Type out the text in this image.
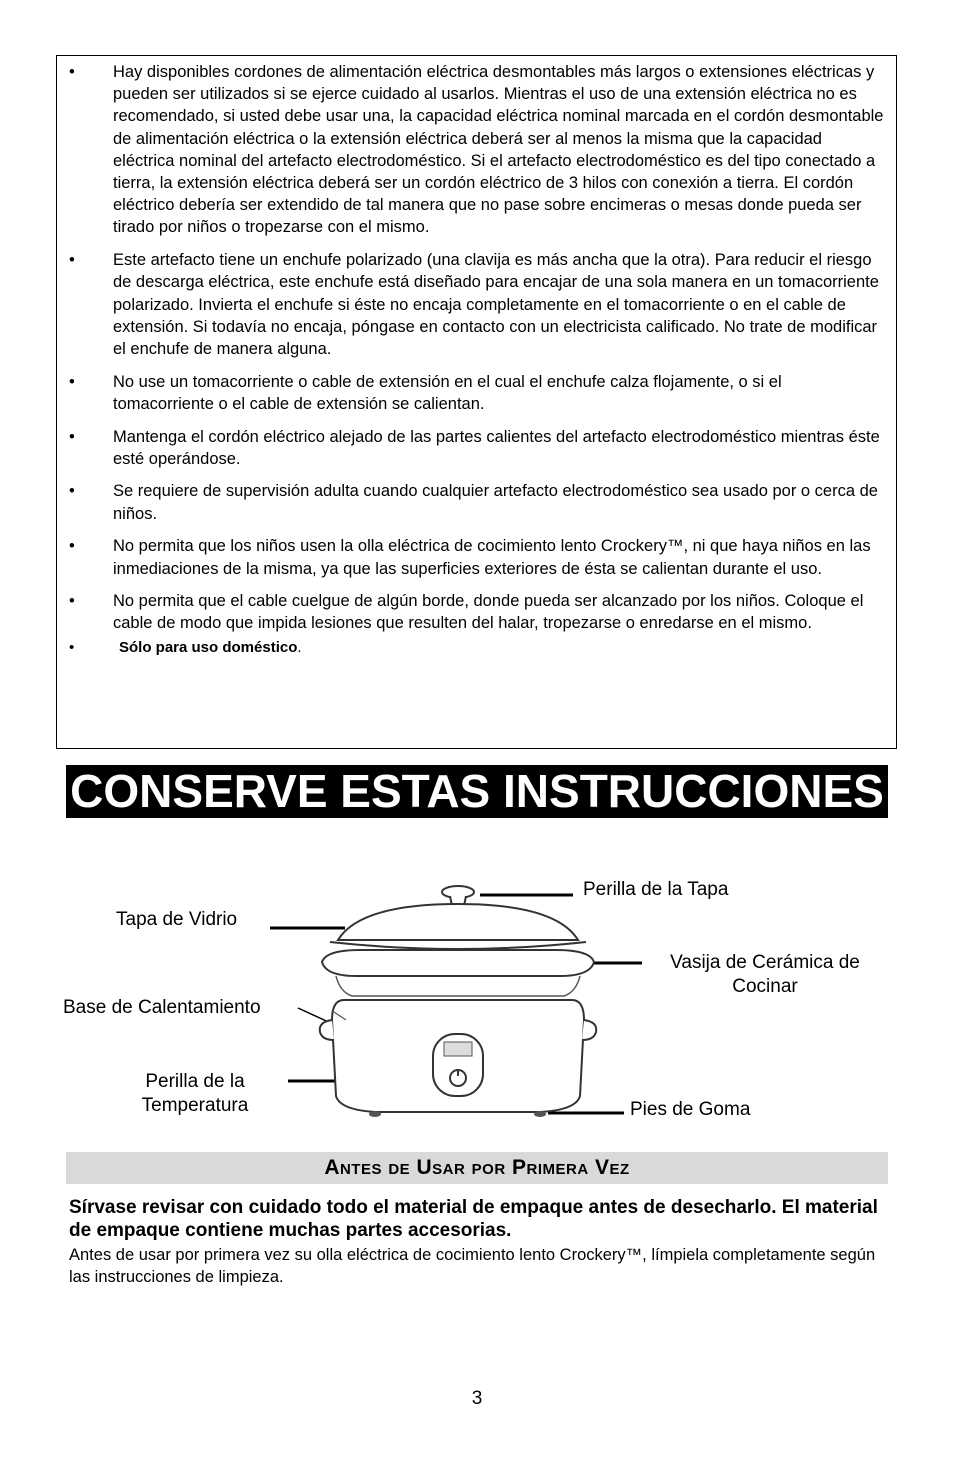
• Hay disponibles cordones de alimentación eléctrica desmontables más largos o extensiones eléctricas y pueden ser utilizados si se ejerce cuidado al usarlos. Mientras el uso de una extensión eléctrica no es recomendado, si usted debe usar una, la capacidad eléctrica nominal marcada en el cordón desmontable de alimentación eléctrica o la extensión eléctrica deberá ser al menos la misma que la capacidad eléctrica nominal del artefacto electrodoméstico. Si el artefacto electrodoméstico es del tipo conectado a tierra, la extensión eléctrica deberá ser un cordón eléctrico de 3 hilos con conexión a tierra. El cordón eléctrico debería ser extendido de tal manera que no pase sobre encimeras o mesas donde pueda ser tirado por niños o tropezarse con el mismo.
• Este artefacto tiene un enchufe polarizado (una clavija es más ancha que la otra). Para reducir el riesgo de descarga eléctrica, este enchufe está diseñado para encajar de una sola manera en un tomacorriente polarizado. Invierta el enchufe si éste no encaja completamente en el tomacorriente o en el cable de extensión. Si todavía no encaja, póngase en contacto con un electricista calificado. No trate de modificar el enchufe de manera alguna.
• No use un tomacorriente o cable de extensión en el cual el enchufe calza flojamente, o si el tomacorriente o el cable de extensión se calientan.
• Mantenga el cordón eléctrico alejado de las partes calientes del artefacto electrodoméstico mientras éste esté operándose.
• Se requiere de supervisión adulta cuando cualquier artefacto electrodoméstico sea usado por o cerca de niños.
• No permita que los niños usen la olla eléctrica de cocimiento lento Crockery™, ni que haya niños en las inmediaciones de la misma, ya que las superficies exteriores de ésta se calientan durante el uso.
• No permita que el cable cuelgue de algún borde, donde pueda ser alcanzado por los niños. Coloque el cable de modo que impida lesiones que resulten del halar, tropezarse o enredarse en el mismo.
•	Sólo para uso doméstico.
CONSERVE ESTAS INSTRUCCIONES
Perilla de la Tapa
Tapa de Vidrio
Vasija de Cerámica de
Cocinar
Base de Calentamiento
Perilla de la
Temperatura	Pies de Goma
Antes de Usar por Primera Vez
Sírvase revisar con cuidado todo el material de empaque antes de desecharlo. El material de empaque contiene muchas partes accesorias.
Antes de usar por primera vez su olla eléctrica de cocimiento lento Crockery™, límpiela completamente según las instrucciones de limpieza.
3
